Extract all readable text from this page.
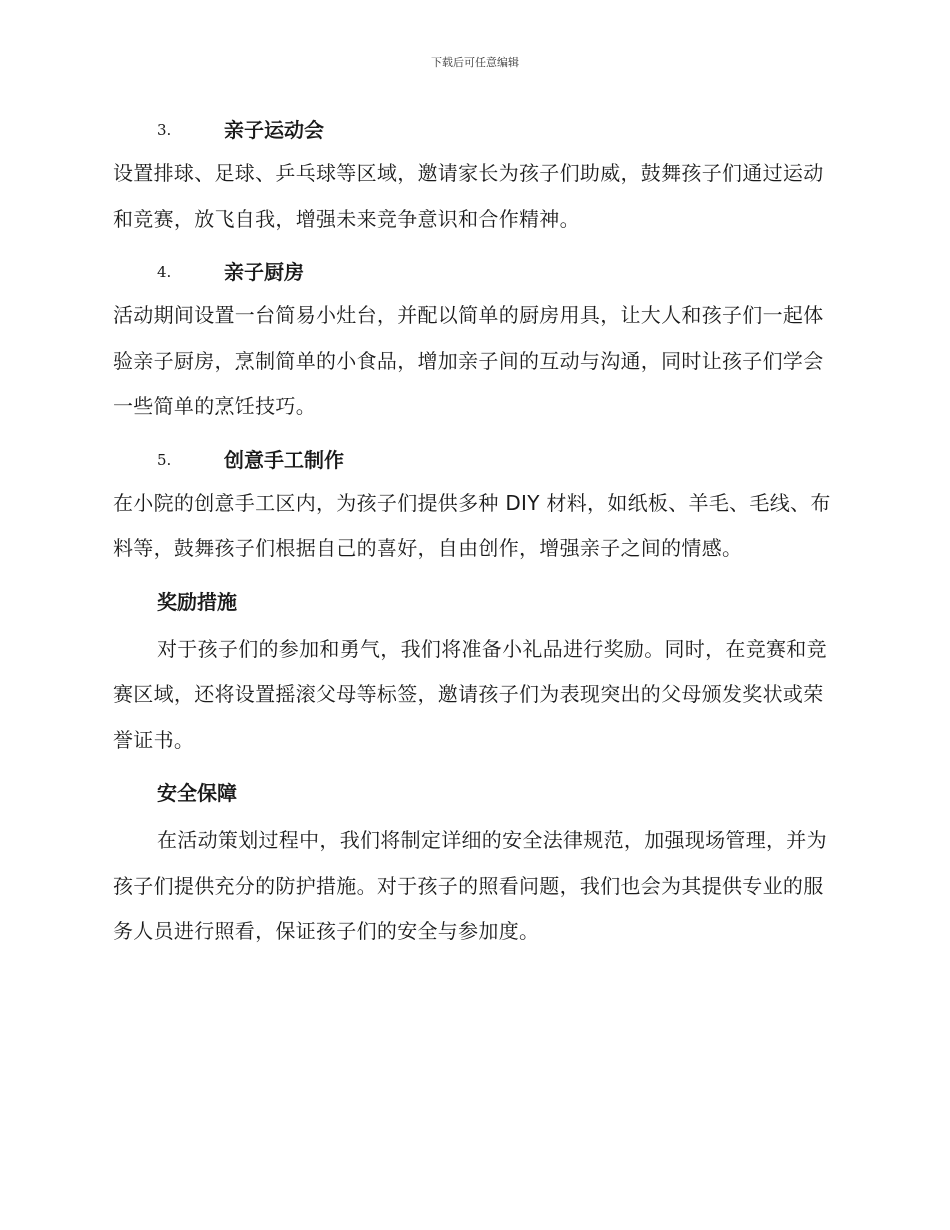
下载后可任意编辑
3.	亲子运动会

设置排球、足球、乒乓球等区域，邀请家长为孩子们助威，鼓舞孩子们通过运动和竞赛，放飞自我，增强未来竞争意识和合作精神。

4.	亲子厨房

活动期间设置一台简易小灶台，并配以简单的厨房用具，让大人和孩子们一起体验亲子厨房，烹制简单的小食品，增加亲子间的互动与沟通，同时让孩子们学会一些简单的烹饪技巧。

5.	创意手工制作

在小院的创意手工区内，为孩子们提供多种 DIY 材料，如纸板、羊毛、毛线、布料等，鼓舞孩子们根据自己的喜好，自由创作，增强亲子之间的情感。

奖励措施

对于孩子们的参加和勇气，我们将准备小礼品进行奖励。同时，在竞赛和竞赛区域，还将设置摇滚父母等标签，邀请孩子们为表现突出的父母颁发奖状或荣誉证书。

安全保障

在活动策划过程中，我们将制定详细的安全法律规范，加强现场管理，并为孩子们提供充分的防护措施。对于孩子的照看问题，我们也会为其提供专业的服务人员进行照看，保证孩子们的安全与参加度。
